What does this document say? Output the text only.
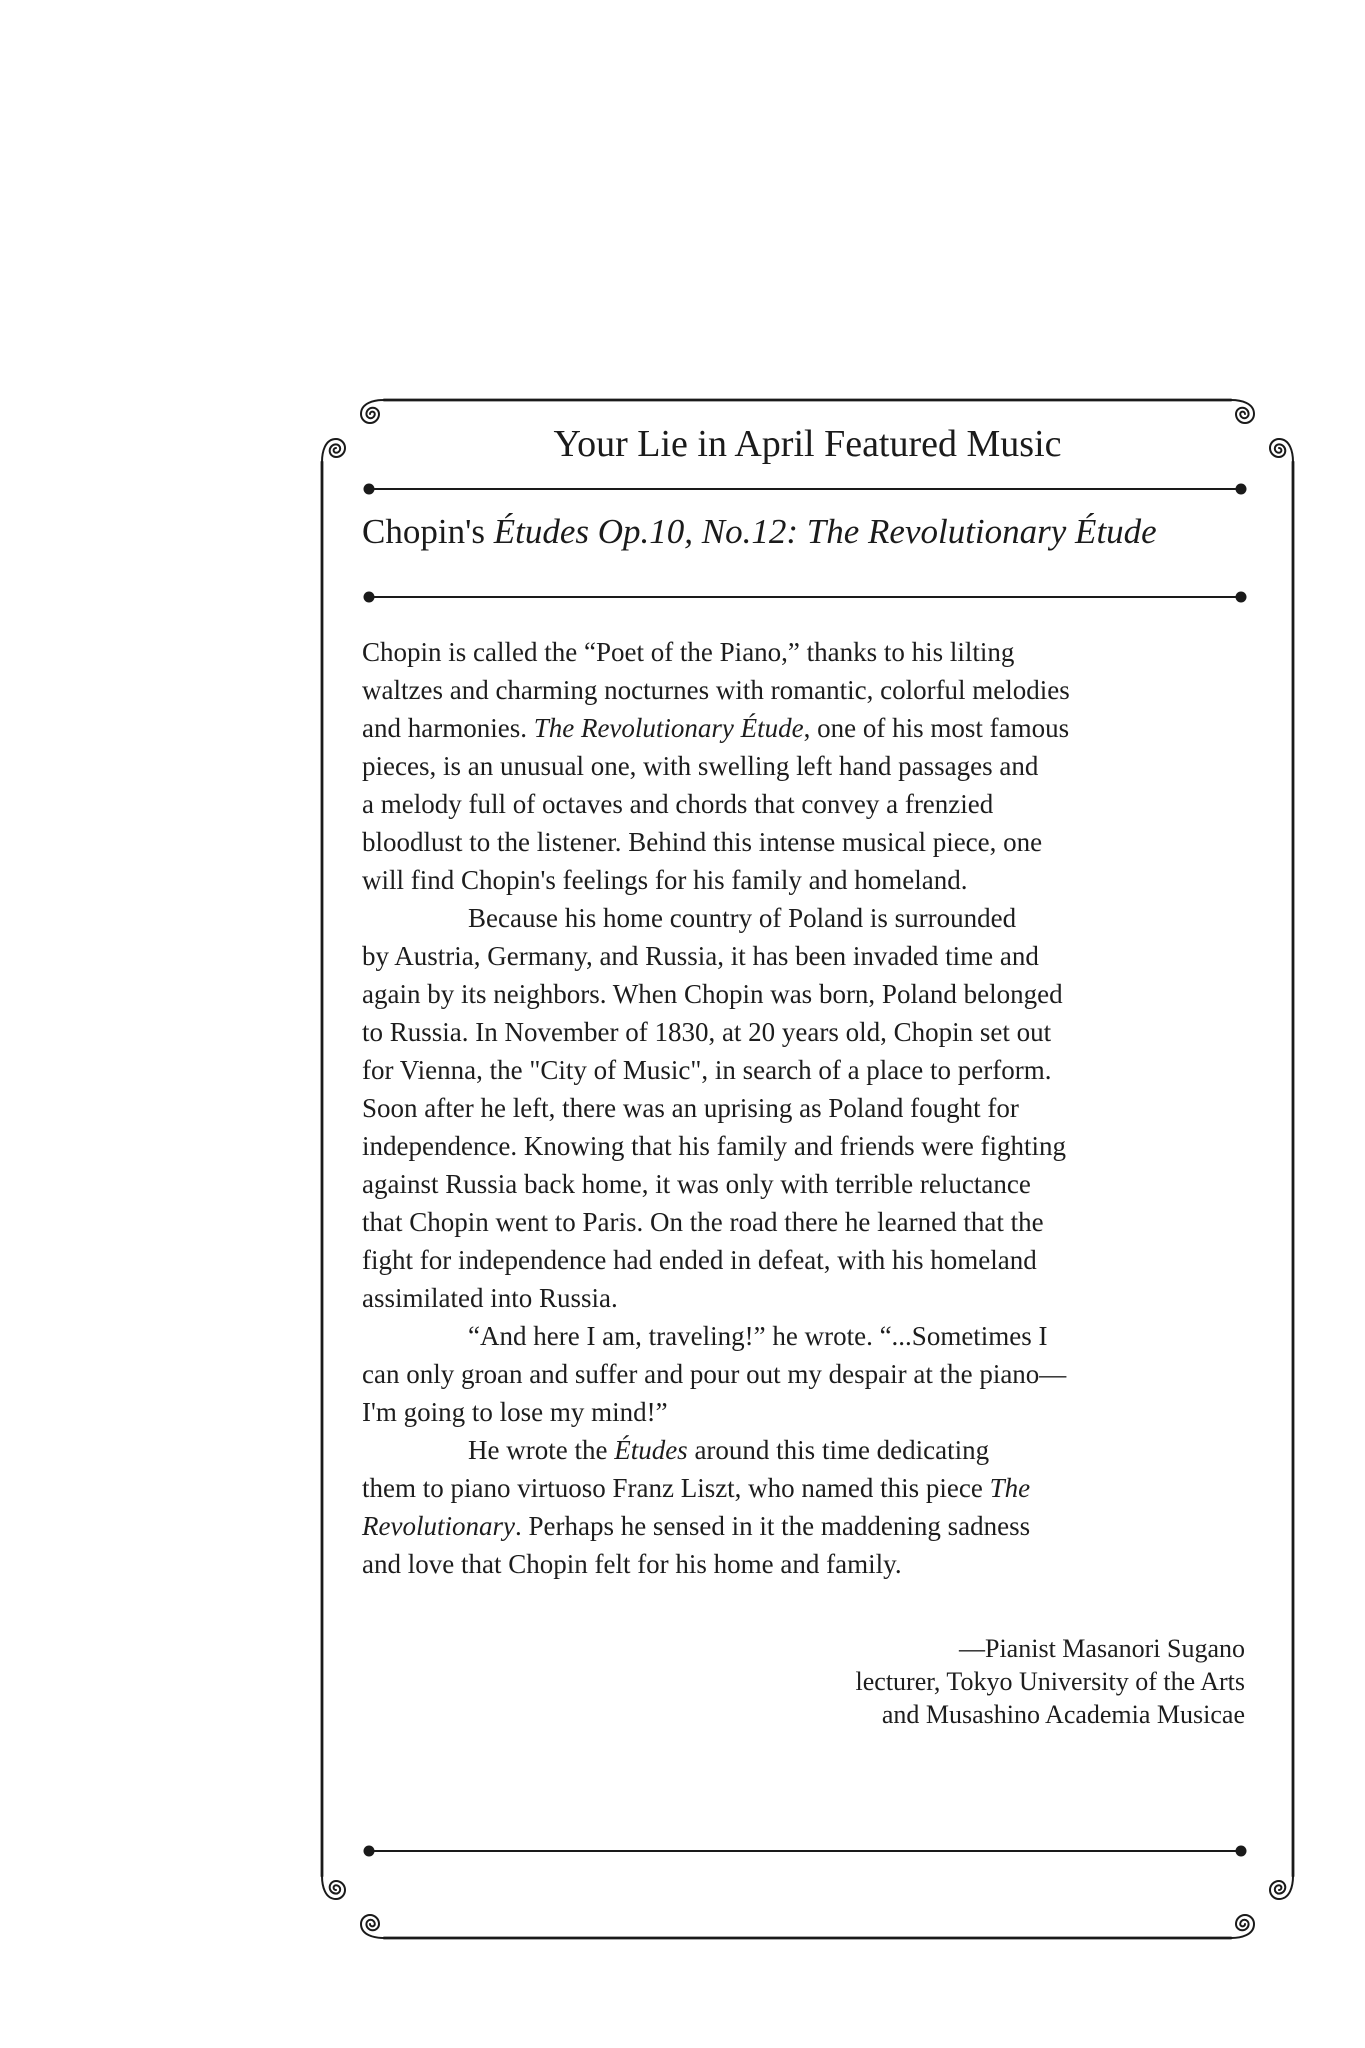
Your Lie in April Featured Music
Chopin's Études Op.10, No.12: The Revolutionary Étude

Chopin is called the “Poet of the Piano,” thanks to his lilting
waltzes and charming nocturnes with romantic, colorful melodies
and harmonies. The Revolutionary Étude, one of his most famous
pieces, is an unusual one, with swelling left hand passages and
a melody full of octaves and chords that convey a frenzied
bloodlust to the listener. Behind this intense musical piece, one
will find Chopin's feelings for his family and homeland.

Because his home country of Poland is surrounded
by Austria, Germany, and Russia, it has been invaded time and
again by its neighbors. When Chopin was born, Poland belonged
to Russia. In November of 1830, at 20 years old, Chopin set out
for Vienna, the "City of Music", in search of a place to perform.
Soon after he left, there was an uprising as Poland fought for
independence. Knowing that his family and friends were fighting
against Russia back home, it was only with terrible reluctance
that Chopin went to Paris. On the road there he learned that the
fight for independence had ended in defeat, with his homeland
assimilated into Russia.

“And here I am, traveling!” he wrote. “...Sometimes I
can only groan and suffer and pour out my despair at the piano—
I'm going to lose my mind!”

He wrote the Études around this time dedicating
them to piano virtuoso Franz Liszt, who named this piece The
Revolutionary. Perhaps he sensed in it the maddening sadness
and love that Chopin felt for his home and family.

—Pianist Masanori Sugano
lecturer, Tokyo University of the Arts
and Musashino Academia Musicae
